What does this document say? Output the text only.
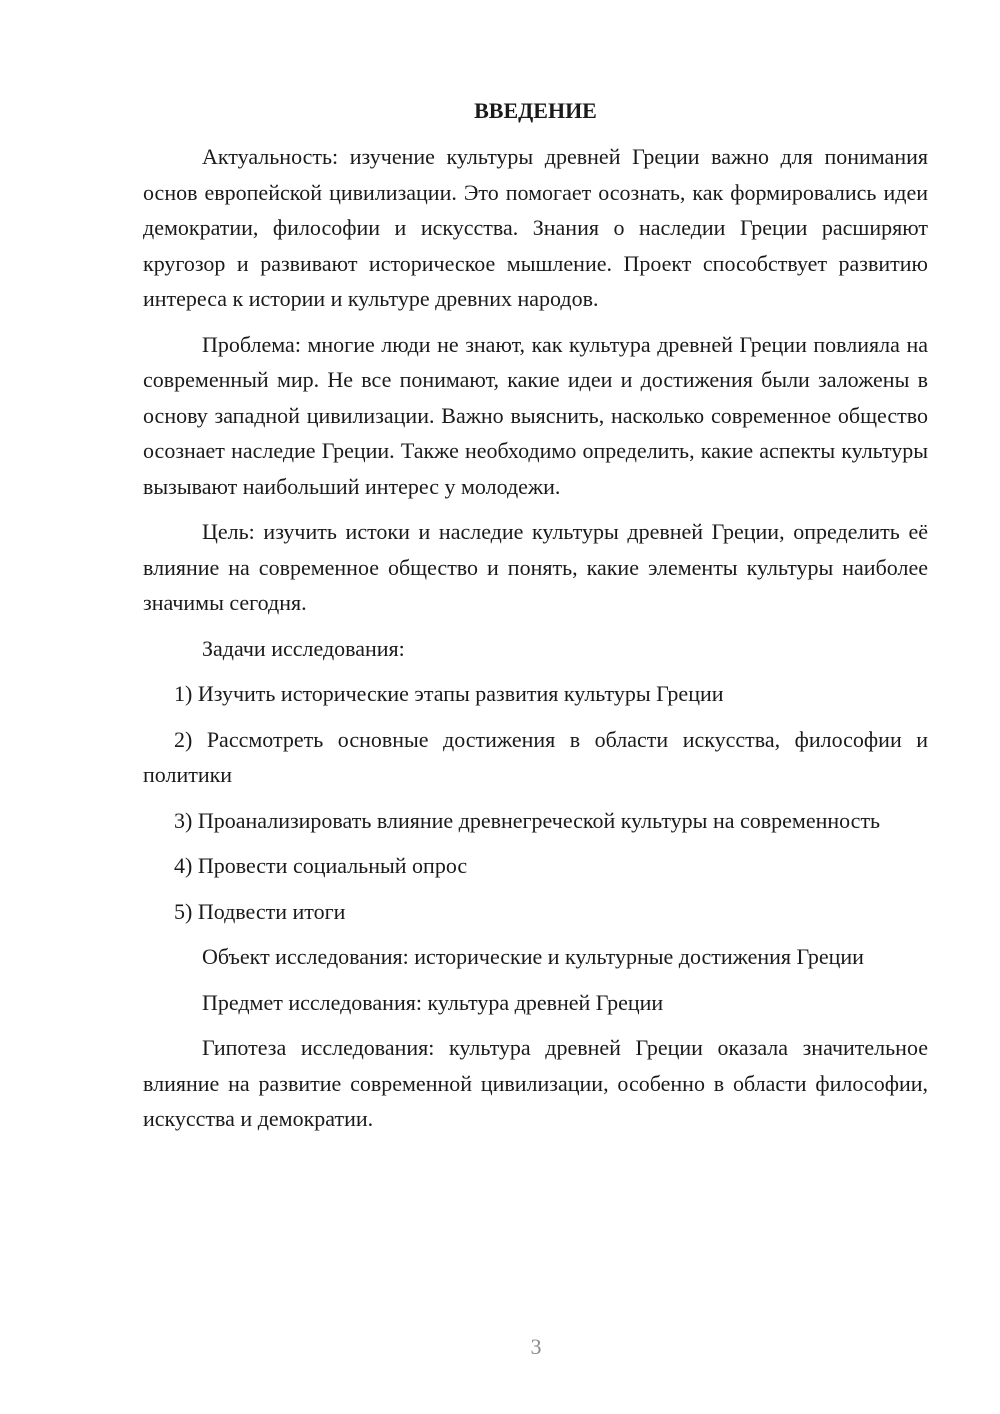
ВВЕДЕНИЕ

Актуальность: изучение культуры древней Греции важно для понимания основ европейской цивилизации. Это помогает осознать, как формировались идеи демократии, философии и искусства. Знания о наследии Греции расширяют кругозор и развивают историческое мышление. Проект способствует развитию интереса к истории и культуре древних народов.

Проблема: многие люди не знают, как культура древней Греции повлияла на современный мир. Не все понимают, какие идеи и достижения были заложены в основу западной цивилизации. Важно выяснить, насколько современное общество осознает наследие Греции. Также необходимо определить, какие аспекты культуры вызывают наибольший интерес у молодежи.

Цель: изучить истоки и наследие культуры древней Греции, определить её влияние на современное общество и понять, какие элементы культуры наиболее значимы сегодня.

Задачи исследования:

1) Изучить исторические этапы развития культуры Греции

2) Рассмотреть основные достижения в области искусства, философии и политики

3) Проанализировать влияние древнегреческой культуры на современность

4) Провести социальный опрос

5) Подвести итоги

Объект исследования: исторические и культурные достижения Греции

Предмет исследования: культура древней Греции

Гипотеза исследования: культура древней Греции оказала значительное влияние на развитие современной цивилизации, особенно в области философии, искусства и демократии.

3
